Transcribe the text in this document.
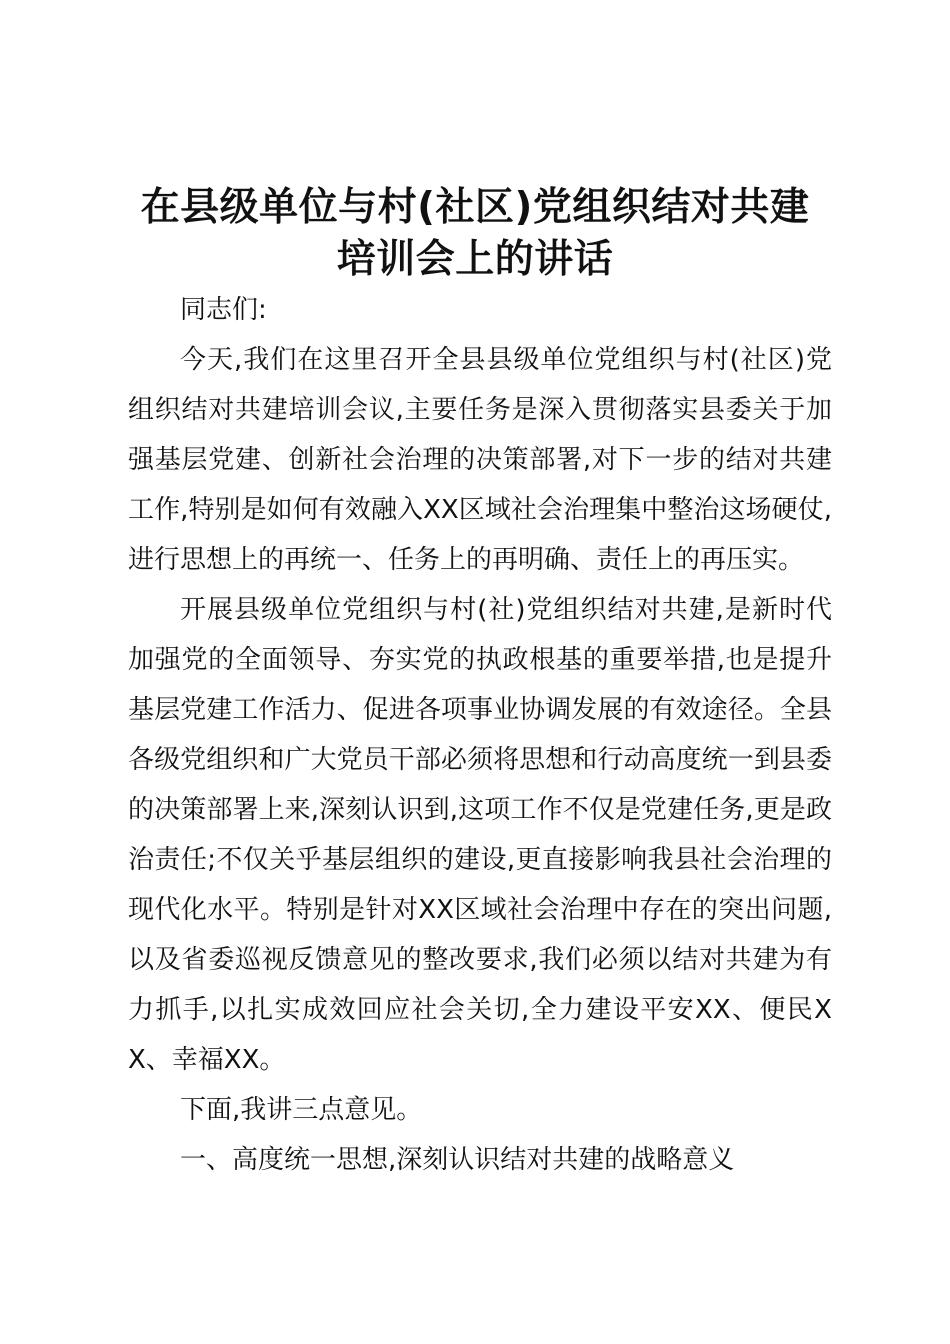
在县级单位与村(社区)党组织结对共建
培训会上的讲话

同志们:

今天,我们在这里召开全县县级单位党组织与村(社区)党组织结对共建培训会议,主要任务是深入贯彻落实县委关于加强基层党建、创新社会治理的决策部署,对下一步的结对共建工作,特别是如何有效融入XX区域社会治理集中整治这场硬仗,进行思想上的再统一、任务上的再明确、责任上的再压实。

开展县级单位党组织与村(社)党组织结对共建,是新时代加强党的全面领导、夯实党的执政根基的重要举措,也是提升基层党建工作活力、促进各项事业协调发展的有效途径。全县各级党组织和广大党员干部必须将思想和行动高度统一到县委的决策部署上来,深刻认识到,这项工作不仅是党建任务,更是政治责任;不仅关乎基层组织的建设,更直接影响我县社会治理的现代化水平。特别是针对XX区域社会治理中存在的突出问题,以及省委巡视反馈意见的整改要求,我们必须以结对共建为有力抓手,以扎实成效回应社会关切,全力建设平安XX、便民XX、幸福XX。

下面,我讲三点意见。

一、高度统一思想,深刻认识结对共建的战略意义
